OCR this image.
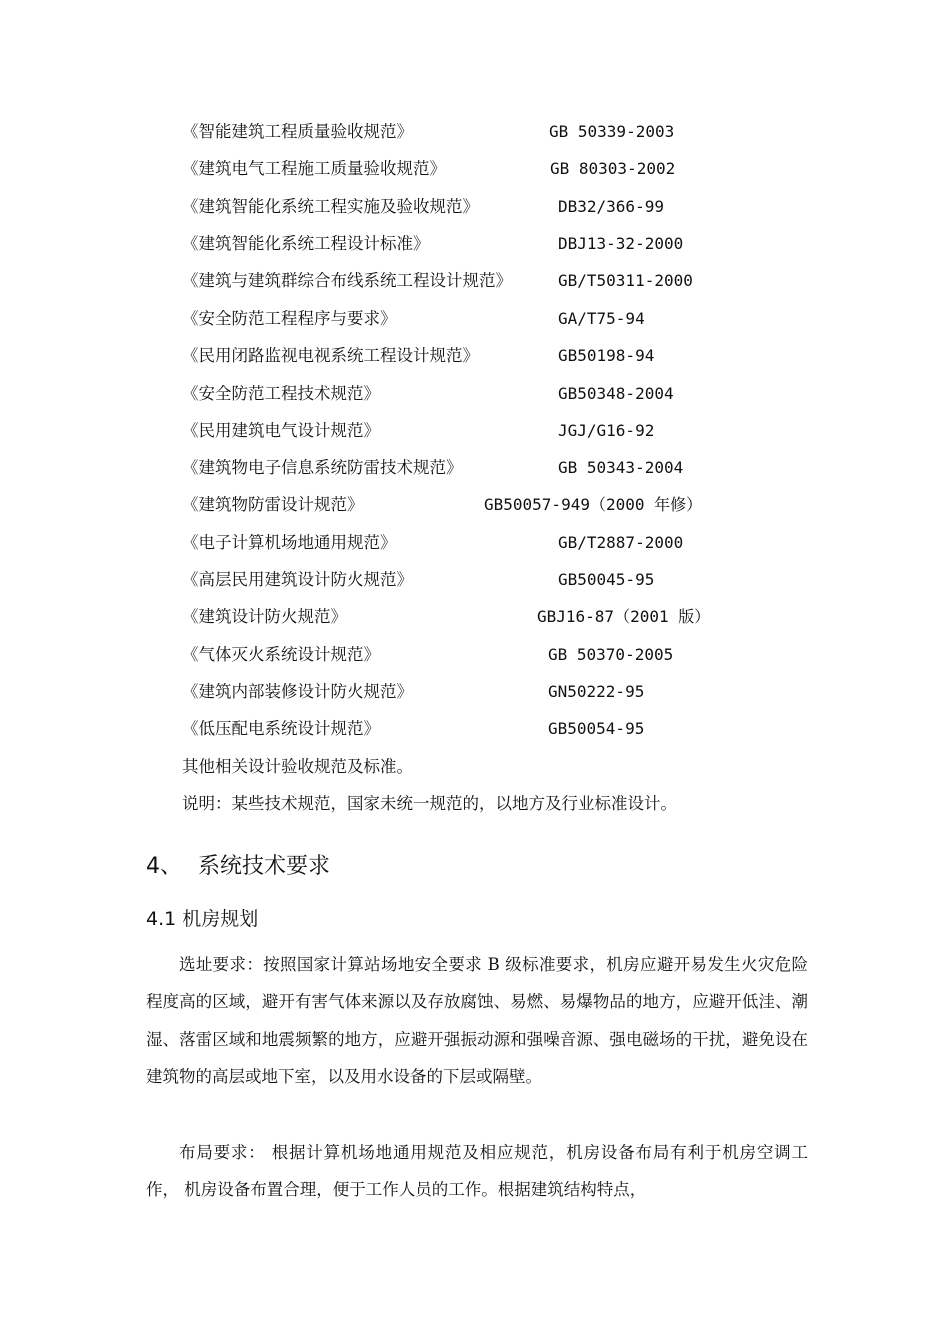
《智能建筑工程质量验收规范》	GB 50339-2003
《建筑电气工程施工质量验收规范》	GB 80303-2002
《建筑智能化系统工程实施及验收规范》	DB32/366-99
《建筑智能化系统工程设计标准》	DBJ13-32-2000
《建筑与建筑群综合布线系统工程设计规范》	GB/T50311-2000
《安全防范工程程序与要求》	GA/T75-94
《民用闭路监视电视系统工程设计规范》	GB50198-94
《安全防范工程技术规范》	GB50348-2004
《民用建筑电气设计规范》	JGJ/G16-92
《建筑物电子信息系统防雷技术规范》	GB 50343-2004
《建筑物防雷设计规范》	GB50057-949（2000 年修）
《电子计算机场地通用规范》	GB/T2887-2000
《高层民用建筑设计防火规范》	GB50045-95
《建筑设计防火规范》	GBJ16-87（2001 版）
《气体灭火系统设计规范》	GB 50370-2005
《建筑内部装修设计防火规范》	GN50222-95
《低压配电系统设计规范》	GB50054-95
其他相关设计验收规范及标准。
说明：某些技术规范，国家未统一规范的，以地方及行业标准设计。
4、 系统技术要求
4.1 机房规划
选址要求：按照国家计算站场地安全要求 B 级标准要求，机房应避开易发生火灾危险程度高的区域，避开有害气体来源以及存放腐蚀、易燃、易爆物品的地方，应避开低洼、潮湿、落雷区域和地震频繁的地方，应避开强振动源和强噪音源、强电磁场的干扰，避免设在建筑物的高层或地下室，以及用水设备的下层或隔壁。
布局要求： 根据计算机场地通用规范及相应规范，机房设备布局有利于机房空调工作， 机房设备布置合理，便于工作人员的工作。根据建筑结构特点，
